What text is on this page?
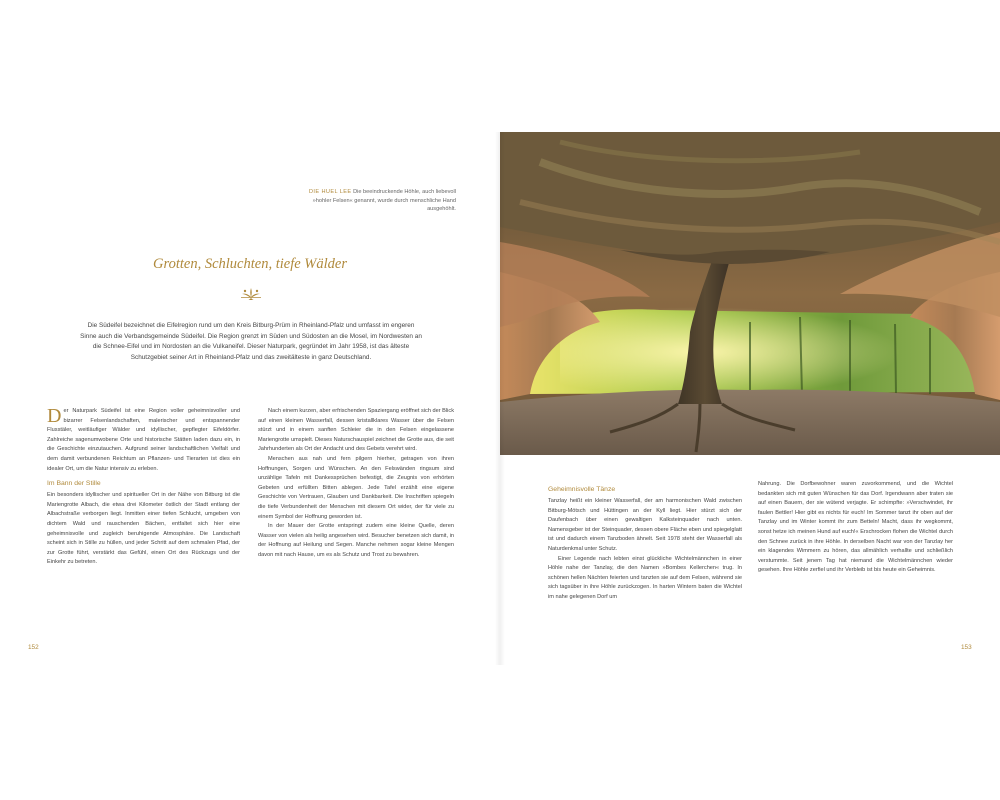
DIE HUEL LEE Die beeindruckende Höhle, auch liebevoll »hohler Felsen« genannt, wurde durch menschliche Hand ausgehöhlt.
Grotten, Schluchten, tiefe Wälder
Die Südeifel bezeichnet die Eifelregion rund um den Kreis Bitburg-Prüm in Rheinland-Pfalz und umfasst im engeren Sinne auch die Verbandsgemeinde Südeifel. Die Region grenzt im Süden und Südosten an die Mosel, im Nordwesten an die Schnee-Eifel und im Nordosten an die Vulkaneifel. Dieser Naturpark, gegründet im Jahr 1958, ist das älteste Schutzgebiet seiner Art in Rheinland-Pfalz und das zweitälteste in ganz Deutschland.

Der Naturpark Südeifel ist eine Region voller geheimnisvoller und bizarrer Felsenlandschaften, malerischer und entspannender Flusstäler, weitläufiger Wälder und idyllischer, gepflegter Eifeldörfer. Zahlreiche sagenumwobene Orte und historische Stätten laden dazu ein, in die Geschichte einzutauchen. Aufgrund seiner landschaftlichen Vielfalt und dem damit verbundenen Reichtum an Pflanzen- und Tierarten ist dies ein idealer Ort, um die Natur intensiv zu erleben.

Im Bann der Stille

Ein besonders idyllischer und spiritueller Ort in der Nähe von Bitburg ist die Mariengrotte Albach, die etwa drei Kilometer östlich der Stadt entlang der Albachstraße verborgen liegt. Inmitten einer tiefen Schlucht, umgeben von dichtem Wald und rauschenden Bächen, entfaltet sich hier eine geheimnisvolle und zugleich beruhigende Atmosphäre. Die Landschaft scheint sich in Stille zu hüllen, und jeder Schritt auf dem schmalen Pfad, der zur Grotte führt, verstärkt das Gefühl, einen Ort des Rückzugs und der Einkehr zu betreten.

Nach einem kurzen, aber erfrischenden Spaziergang eröffnet sich der Blick auf einen kleinen Wasserfall, dessen kristallklares Wasser über die Felsen stürzt und in einem sanften Schleier die in den Felsen eingelassene Mariengrotte umspielt. Dieses Naturschauspiel zeichnet die Grotte aus, die seit Jahrhunderten als Ort der Andacht und des Gebets verehrt wird.

Menschen aus nah und fern pilgern hierher, getragen von ihren Hoffnungen, Sorgen und Wünschen. An den Felswänden ringsum sind unzählige Tafeln mit Dankessprüchen befestigt, die Zeugnis von erhörten Gebeten und erfüllten Bitten ablegen. Jede Tafel erzählt eine eigene Geschichte von Vertrauen, Glauben und Dankbarkeit. Die Inschriften spiegeln die tiefe Verbundenheit der Menschen mit diesem Ort wider, der für viele zu einem Symbol der Hoffnung geworden ist.

In der Mauer der Grotte entspringt zudem eine kleine Quelle, deren Wasser von vielen als heilig angesehen wird. Besucher benetzen sich damit, in der Hoffnung auf Heilung und Segen. Manche nehmen sogar kleine Mengen davon mit nach Hause, um es als Schutz und Trost zu bewahren.

Geheimnisvolle Tänze

Tanzlay heißt ein kleiner Wasserfall, der am harmonischen Wald zwischen Bitburg-Mötsch und Hüttingen an der Kyll liegt. Hier stürzt sich der Daufenbach über einen gewaltigen Kalksteinquader nach unten. Namensgeber ist der Steinquader, dessen obere Fläche eben und spiegelglatt ist und dadurch einem Tanzboden ähnelt. Seit 1978 steht der Wasserfall als Naturdenkmal unter Schutz.

Einer Legende nach lebten einst glückliche Wichtelmännchen in einer Höhle nahe der Tanzlay, die den Namen »Bombes Kellerchen« trug. In schönen hellen Nächten feierten und tanzten sie auf dem Felsen, während sie sich tagsüber in ihre Höhle zurückzogen. In harten Wintern baten die Wichtel im nahe gelegenen Dorf um

Nahrung. Die Dorfbewohner waren zuvorkommend, und die Wichtel bedankten sich mit guten Wünschen für das Dorf. Irgendwann aber traten sie auf einen Bauern, der sie wütend verjagte. Er schimpfte: »Verschwindet, ihr faulen Bettler! Hier gibt es nichts für euch! Im Sommer tanzt ihr oben auf der Tanzlay und im Winter kommt ihr zum Betteln! Macht, dass ihr wegkommt, sonst hetze ich meinen Hund auf euch!« Erschrocken flohen die Wichtel durch den Schnee zurück in ihre Höhle. In derselben Nacht war von der Tanzlay her ein klagendes Wimmern zu hören, das allmählich verhallte und schließlich verstummte. Seit jenem Tag hat niemand die Wichtelmännchen wieder gesehen. Ihre Höhle zerfiel und ihr Verbleib ist bis heute ein Geheimnis.

152	153
